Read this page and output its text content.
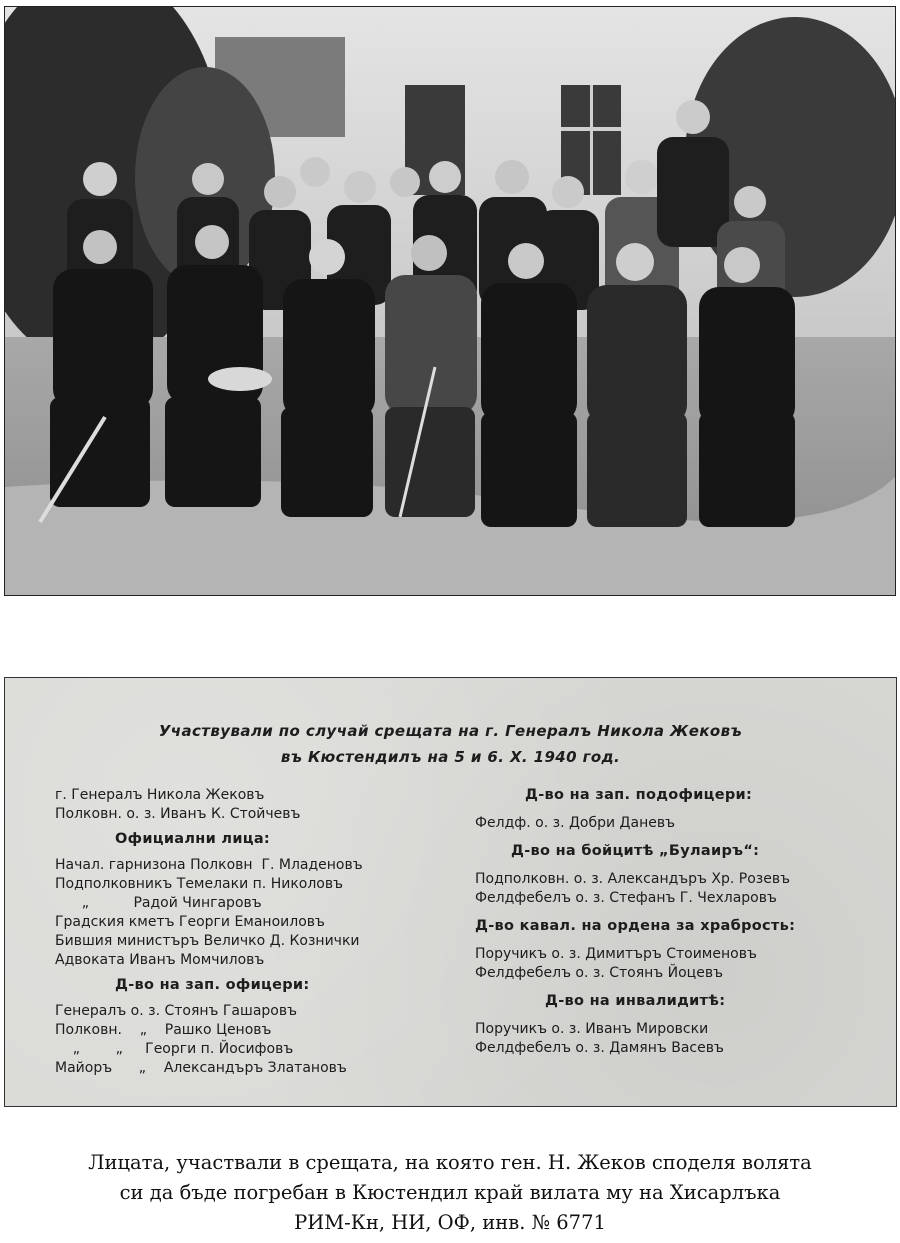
Участвували по случай срещата на г. Генералъ Никола Жековъ
въ Кюстендилъ на 5 и 6. X. 1940 год.
г. Генералъ Никола Жековъ
Полковн. о. з. Иванъ К. Стойчевъ
Официални лица:
Начал. гарнизона Полковн  Г. Младеновъ
Подполковникъ Темелаки п. Николовъ
„          Радой Чингаровъ
Градския кметъ Георги Еманоиловъ
Бившия министъръ Величко Д. Кознички
Адвоката Иванъ Момчиловъ
Д-во на зап. офицери:
Генералъ о. з. Стоянъ Гашаровъ
Полковн.    „    Рашко Ценовъ
„        „     Георги п. Йосифовъ
Майоръ      „    Александъръ Златановъ
Д-во на зап. подофицери:
Фелдф. о. з. Добри Даневъ
Д-во на бойцитѣ „Булаиръ“:
Подполковн. о. з. Александъръ Хр. Розевъ
Фелдфебелъ о. з. Стефанъ Г. Чехларовъ
Д-во кавал. на ордена за храбрость:
Поручикъ о. з. Димитъръ Стоименовъ
Фелдфебелъ о. з. Стоянъ Йоцевъ
Д-во на инвалидитѣ:
Поручикъ о. з. Иванъ Мировски
Фелдфебелъ о. з. Дамянъ Васевъ
Лицата, участвали в срещата, на която ген. Н. Жеков споделя волята
си да бъде погребан в Кюстендил край вилата му на Хисарлъка
РИМ-Кн, НИ, ОФ, инв. № 6771
